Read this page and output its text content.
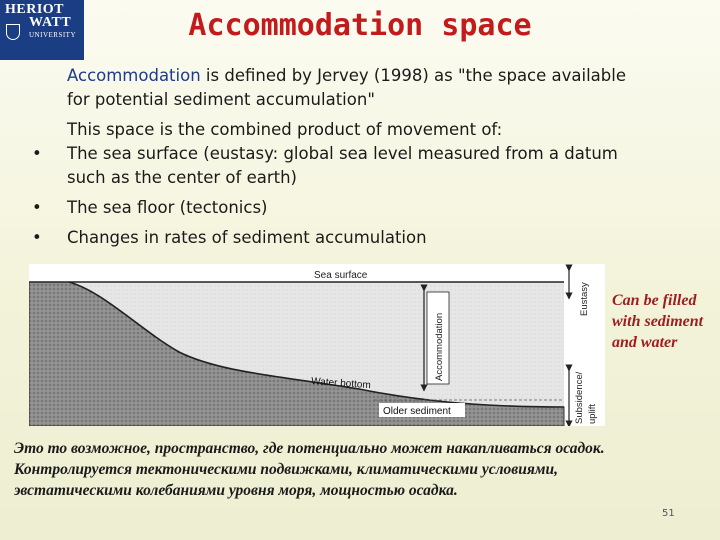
HERIOT
WATT
UNIVERSITY	Accommodation space
Accommodation is defined by Jervey (1998) as "the space available
for potential sediment accumulation"
This space is the combined product of movement of:
• The sea surface (eustasy: global sea level measured from a datum
such as the center of earth)
• The sea floor (tectonics)
• Changes in rates of sediment accumulation
Sea surface
Accommodation
Eustasy
Water bottom
Older sediment	Subsidence/ uplift
Can be filled
with sediment
and water
Это то возможное, пространство, где потенциально может накапливаться осадок.
Контролируется тектоническими подвижками, климатическими условиями,
эвстатическими колебаниями уровня моря, мощностью осадка.
51
